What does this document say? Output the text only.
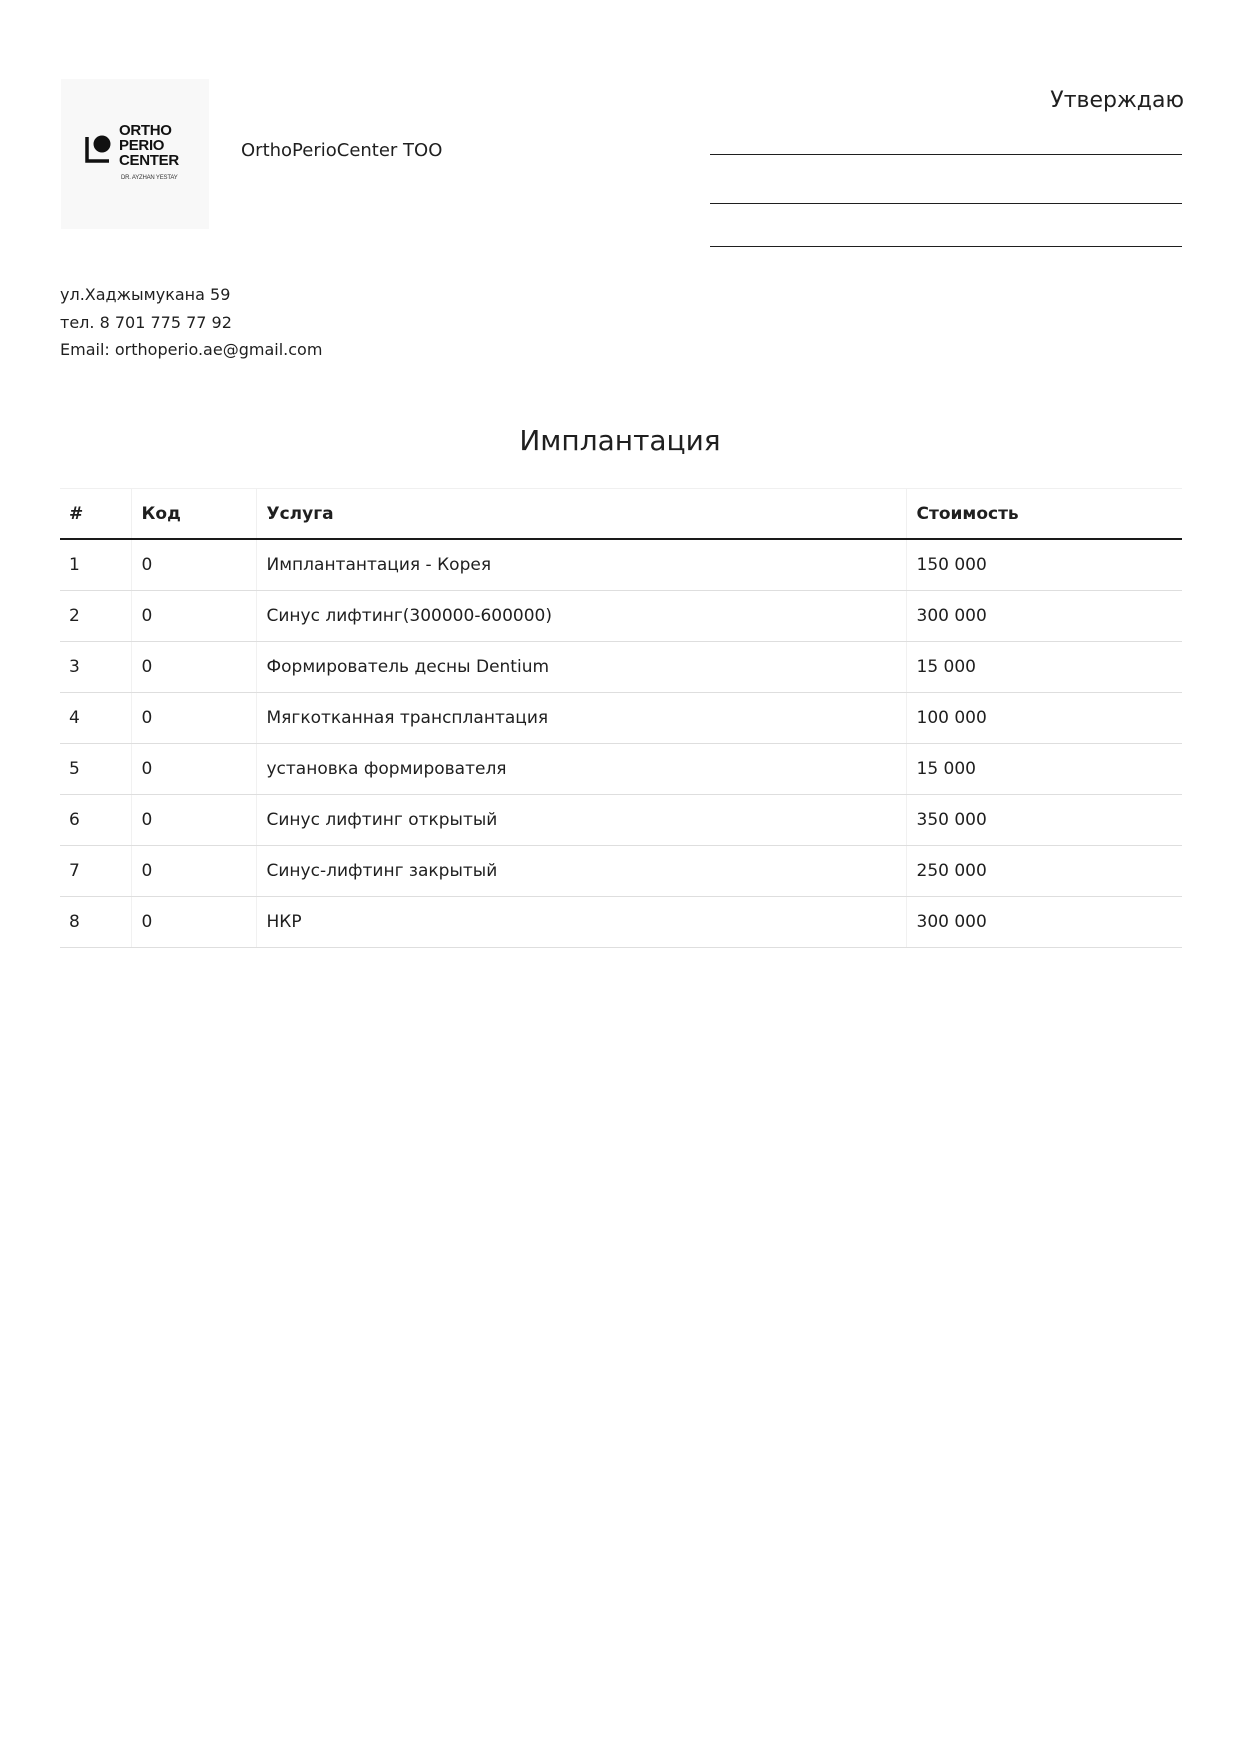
ORTHO
PERIO
CENTER
DR. AYZHAN YESTAY
OrthoPerioCenter ТОО
Утверждаю
ул.Хаджымукана 59
тел. 8 701 775 77 92
Email: orthoperio.ae@gmail.com
Имплантация
#	Код	Услуга	Стоимость
1	0	Имплантантация - Корея	150 000
2	0	Синус лифтинг(300000-600000)	300 000
3	0	Формирователь десны Dentium	15 000
4	0	Мягкотканная трансплантация	100 000
5	0	установка формирователя	15 000
6	0	Синус лифтинг открытый	350 000
7	0	Синус-лифтинг закрытый	250 000
8	0	НКР	300 000
